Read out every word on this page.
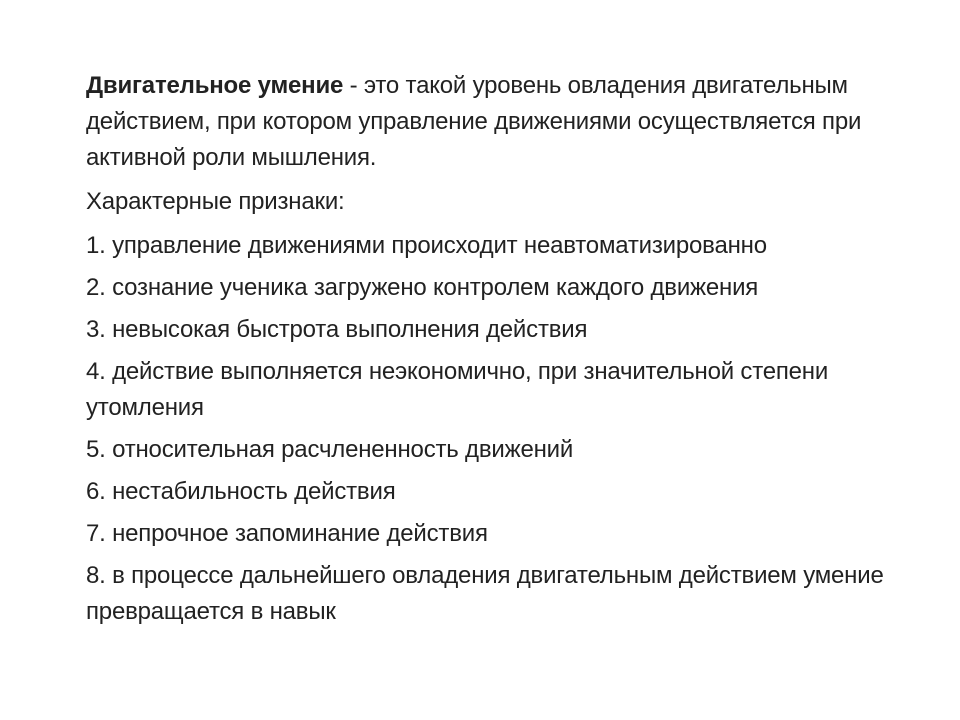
Двигательное умение - это такой уровень овладения двигательным действием, при котором управление движениями осуществляется при активной роли мышления.

Характерные признаки:

1. управление движениями происходит неавтоматизированно
2. сознание ученика загружено контролем каждого движения
3. невысокая быстрота выполнения действия
4. действие выполняется неэкономично, при значительной степени утомления
5. относительная расчлененность движений
6. нестабильность действия
7. непрочное запоминание действия
8. в процессе дальнейшего овладения двигательным действием умение превращается в навык
